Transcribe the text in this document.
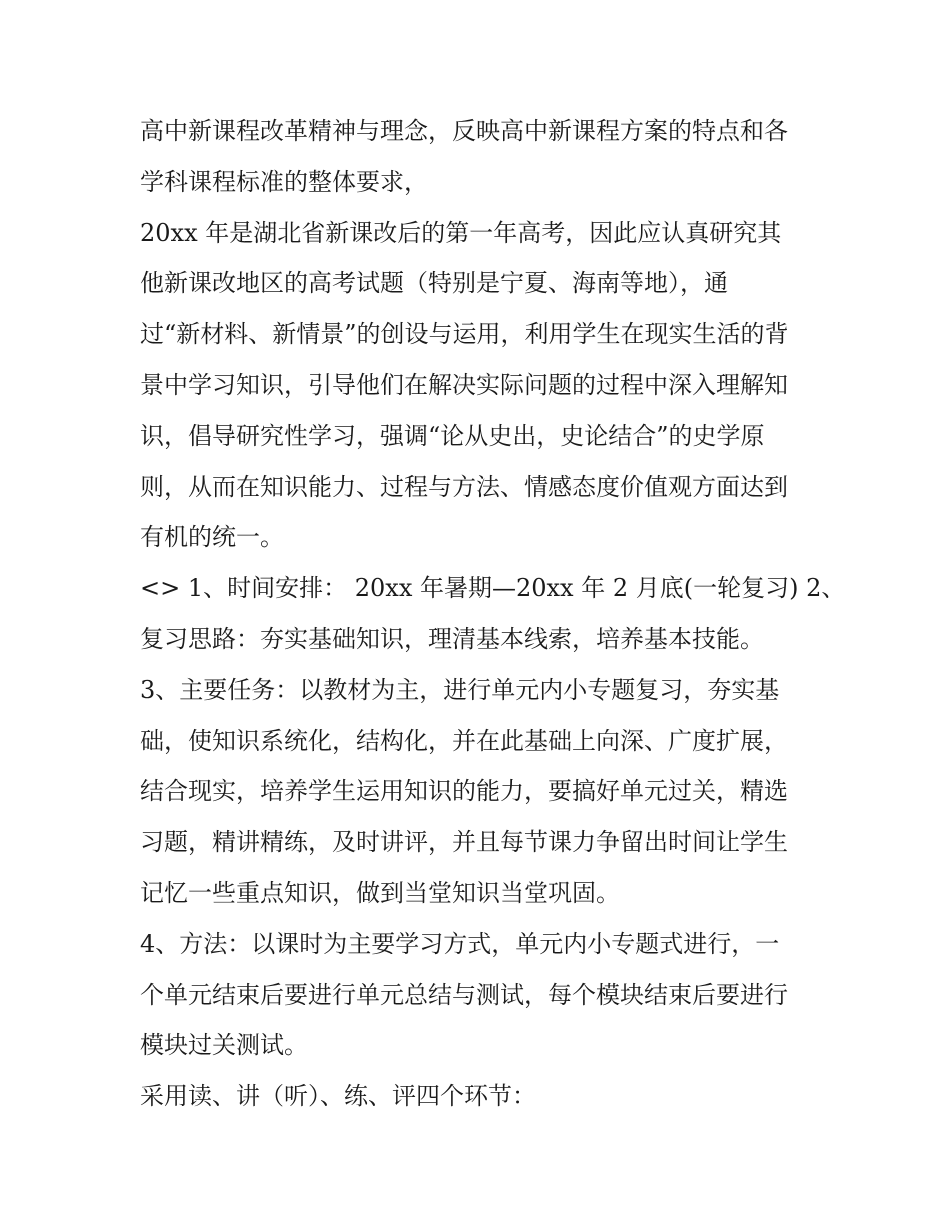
高中新课程改革精神与理念，反映高中新课程方案的特点和各
学科课程标准的整体要求，
20xx 年是湖北省新课改后的第一年高考，因此应认真研究其
他新课改地区的高考试题（特别是宁夏、海南等地），通
过“新材料、新情景”的创设与运用，利用学生在现实生活的背
景中学习知识，引导他们在解决实际问题的过程中深入理解知
识，倡导研究性学习，强调“论从史出，史论结合”的史学原
则，从而在知识能力、过程与方法、情感态度价值观方面达到
有机的统一。
<> 1、时间安排： 20xx 年暑期—20xx 年 2 月底(一轮复习) 2、
复习思路：夯实基础知识，理清基本线索，培养基本技能。
3、主要任务：以教材为主，进行单元内小专题复习，夯实基
础，使知识系统化，结构化，并在此基础上向深、广度扩展，
结合现实，培养学生运用知识的能力，要搞好单元过关，精选
习题，精讲精练，及时讲评，并且每节课力争留出时间让学生
记忆一些重点知识，做到当堂知识当堂巩固。
4、方法：以课时为主要学习方式，单元内小专题式进行，一
个单元结束后要进行单元总结与测试，每个模块结束后要进行
模块过关测试。
采用读、讲（听）、练、评四个环节：
